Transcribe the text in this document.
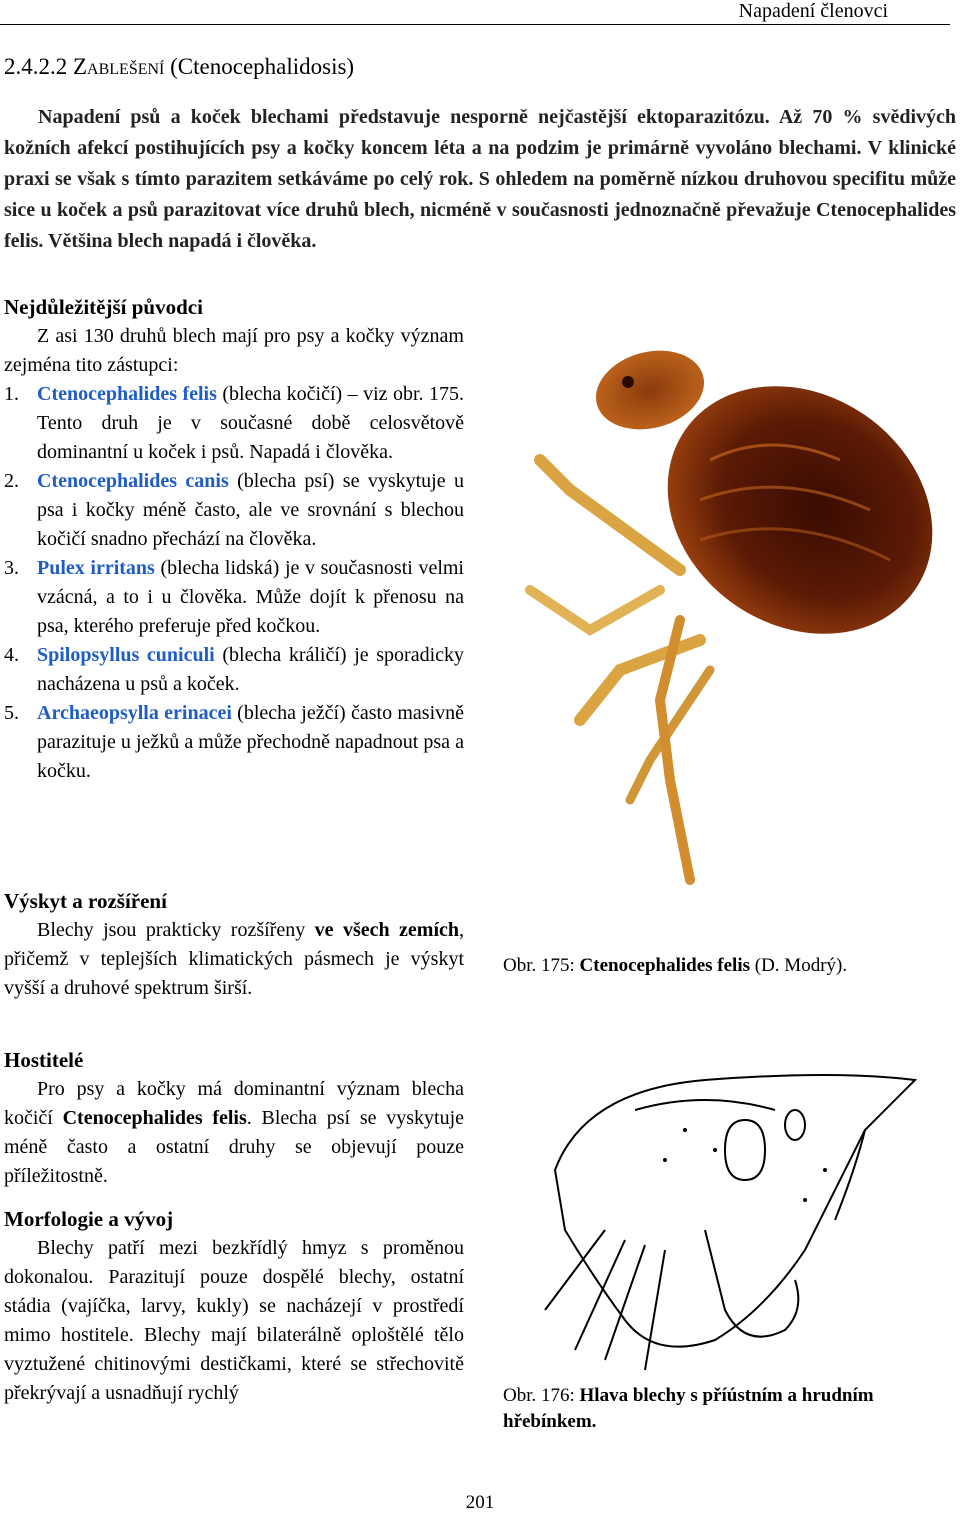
Napadení členovci
2.4.2.2 Zablešení (Ctenocephalidosis)

Napadení psů a koček blechami představuje nesporně nejčastější ektoparazitózu. Až 70 % svědivých kožních afekcí postihujících psy a kočky koncem léta a na podzim je primárně vyvoláno blechami. V klinické praxi se však s tímto parazitem setkáváme po celý rok. S ohledem na poměrně nízkou druhovou specifitu může sice u koček a psů parazitovat více druhů blech, nicméně v současnosti jednoznačně převažuje Ctenocephalides felis. Většina blech napadá i člověka.

Nejdůležitější původci

Z asi 130 druhů blech mají pro psy a kočky význam zejména tito zástupci:

1. Ctenocephalides felis (blecha kočičí) – viz obr. 175. Tento druh je v současné době celosvětově dominantní u koček i psů. Napadá i člověka.
2. Ctenocephalides canis (blecha psí) se vyskytuje u psa i kočky méně často, ale ve srovnání s blechou kočičí snadno přechází na člověka.
3. Pulex irritans (blecha lidská) je v současnosti velmi vzácná, a to i u člověka. Může dojít k přenosu na psa, kterého preferuje před kočkou.
4. Spilopsyllus cuniculi (blecha králičí) je sporadicky nacházena u psů a koček.
5. Archaeopsylla erinacei (blecha ježčí) často masivně parazituje u ježků a může přechodně napadnout psa a kočku.
Výskyt a rozšíření

Blechy jsou prakticky rozšířeny ve všech zemích, přičemž v teplejších klimatických pásmech je výskyt vyšší a druhové spektrum širší.

Hostitelé

Pro psy a kočky má dominantní význam blecha kočičí Ctenocephalides felis. Blecha psí se vyskytuje méně často a ostatní druhy se objevují pouze příležitostně.

Morfologie a vývoj

Blechy patří mezi bezkřídlý hmyz s proměnou dokonalou. Parazitují pouze dospělé blechy, ostatní stádia (vajíčka, larvy, kukly) se nacházejí v prostředí mimo hostitele. Blechy mají bilaterálně oploštělé tělo vyztužené chitinovými destičkami, které se střechovitě překrývají a usnadňují rychlý

Obr. 175: Ctenocephalides felis (D. Modrý).
Obr. 176: Hlava blechy s příústním a hrudním hřebínkem.
201
